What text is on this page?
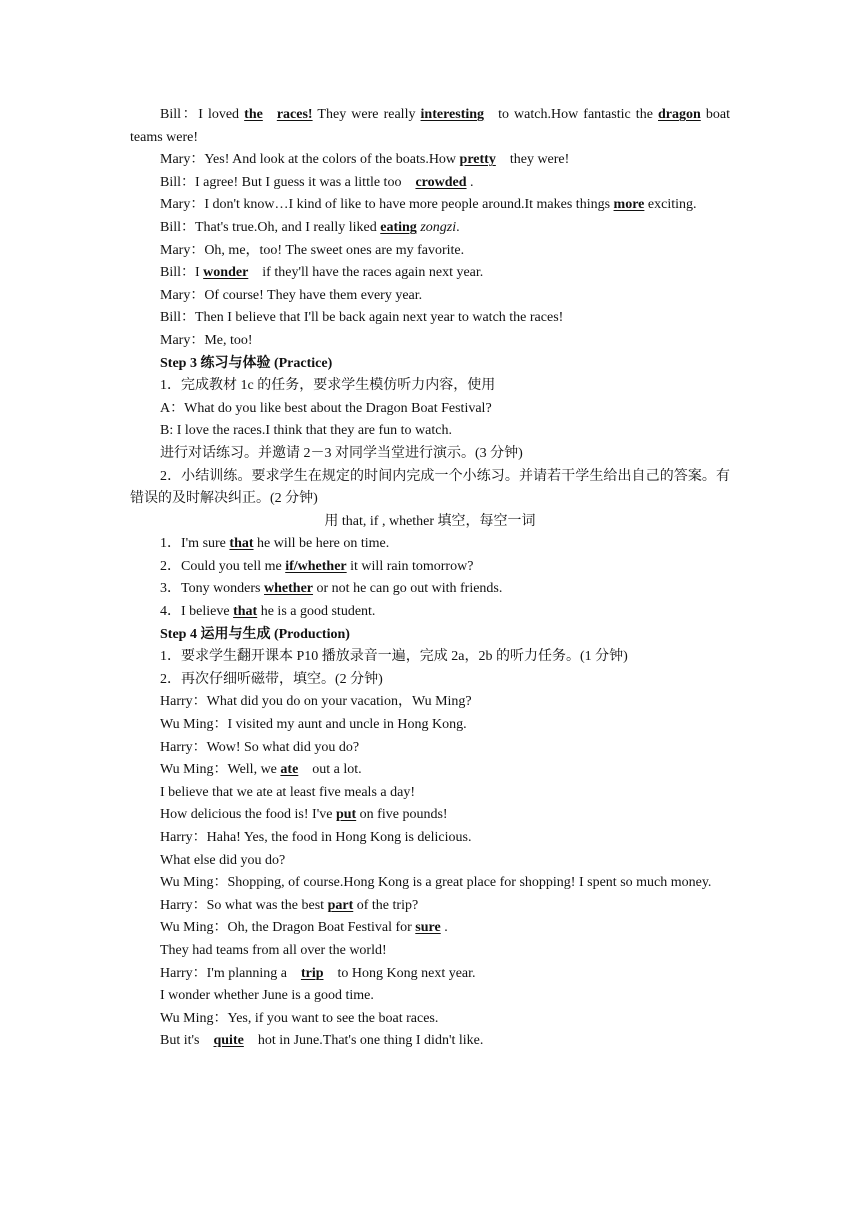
Bill：I loved the races! They were really interesting to watch.How fantastic the dragon boat teams were!

Mary：Yes! And look at the colors of the boats.How pretty they were!

Bill：I agree! But I guess it was a little too crowded .

Mary：I don't know…I kind of like to have more people around.It makes things more exciting.

Bill：That's true.Oh, and I really liked eating zongzi.

Mary：Oh, me，too! The sweet ones are my favorite.

Bill：I wonder if they'll have the races again next year.

Mary：Of course! They have them every year.

Bill：Then I believe that I'll be back again next year to watch the races!

Mary：Me, too!

Step 3 练习与体验 (Practice)

1．完成教材 1c 的任务，要求学生模仿听力内容，使用

A：What do you like best about the Dragon Boat Festival?

B: I love the races.I think that they are fun to watch.

进行对话练习。并邀请 2－3 对同学当堂进行演示。(3 分钟)

2．小结训练。要求学生在规定的时间内完成一个小练习。并请若干学生给出自己的答案。有错误的及时解决纠正。(2 分钟)

用 that, if , whether 填空，每空一词

1．I'm sure that he will be here on time.

2．Could you tell me if/whether it will rain tomorrow?

3．Tony wonders whether or not he can go out with friends.

4．I believe that he is a good student.

Step 4 运用与生成 (Production)

1．要求学生翻开课本 P10 播放录音一遍，完成 2a，2b 的听力任务。(1 分钟)

2．再次仔细听磁带，填空。(2 分钟)

Harry：What did you do on your vacation，Wu Ming?

Wu Ming：I visited my aunt and uncle in Hong Kong.

Harry：Wow! So what did you do?

Wu Ming：Well, we ate out a lot.

I believe that we ate at least five meals a day!

How delicious the food is! I've put on five pounds!

Harry：Haha! Yes, the food in Hong Kong is delicious.

What else did you do?

Wu Ming：Shopping, of course.Hong Kong is a great place for shopping! I spent so much money.

Harry：So what was the best part of the trip?

Wu Ming：Oh, the Dragon Boat Festival for sure .

They had teams from all over the world!

Harry：I'm planning a trip to Hong Kong next year.

I wonder whether June is a good time.

Wu Ming：Yes, if you want to see the boat races.

But it's quite hot in June.That's one thing I didn't like.
